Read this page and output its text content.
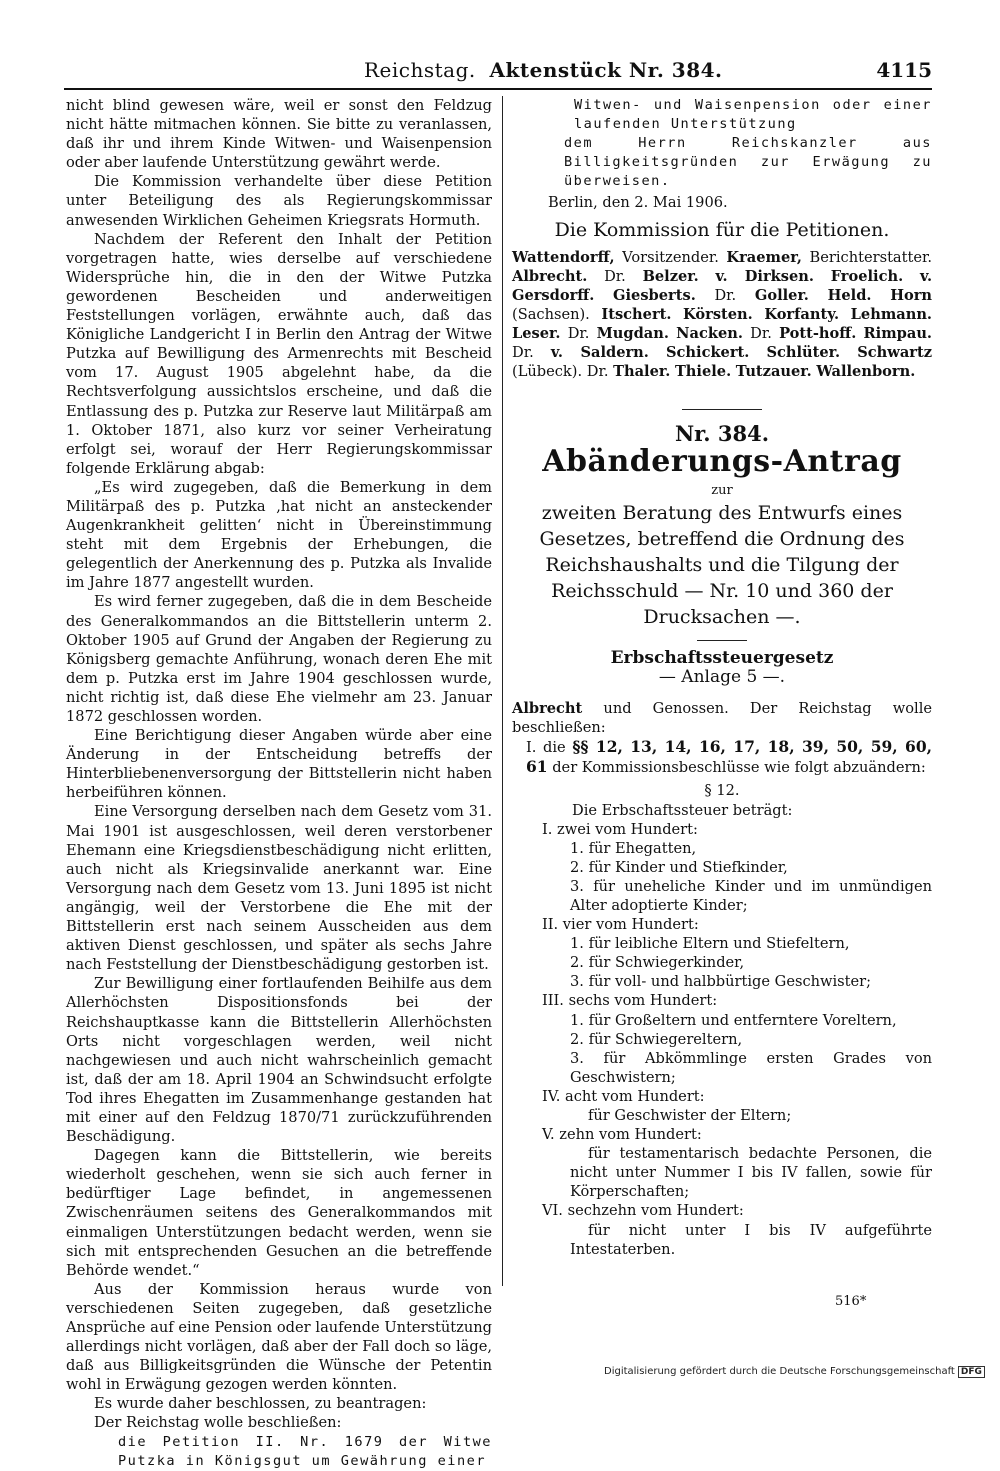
Reichstag. Aktenstück Nr. 384.	4115

nicht blind gewesen wäre, weil er sonst den Feldzug nicht hätte mitmachen können. Sie bitte zu veranlassen, daß ihr und ihrem Kinde Witwen- und Waisenpension oder aber laufende Unterstützung gewährt werde.

Die Kommission verhandelte über diese Petition unter Beteiligung des als Regierungskommissar anwesenden Wirklichen Geheimen Kriegsrats Hormuth.

Nachdem der Referent den Inhalt der Petition vorgetragen hatte, wies derselbe auf verschiedene Widersprüche hin, die in den der Witwe Putzka gewordenen Bescheiden und anderweitigen Feststellungen vorlägen, erwähnte auch, daß das Königliche Landgericht I in Berlin den Antrag der Witwe Putzka auf Bewilligung des Armenrechts mit Bescheid vom 17. August 1905 abgelehnt habe, da die Rechtsverfolgung aussichtslos erscheine, und daß die Entlassung des p. Putzka zur Reserve laut Militärpaß am 1. Oktober 1871, also kurz vor seiner Verheiratung erfolgt sei, worauf der Herr Regierungskommissar folgende Erklärung abgab:

„Es wird zugegeben, daß die Bemerkung in dem Militärpaß des p. Putzka ‚hat nicht an ansteckender Augenkrankheit gelitten‘ nicht in Übereinstimmung steht mit dem Ergebnis der Erhebungen, die gelegentlich der Anerkennung des p. Putzka als Invalide im Jahre 1877 angestellt wurden.

Es wird ferner zugegeben, daß die in dem Bescheide des Generalkommandos an die Bittstellerin unterm 2. Oktober 1905 auf Grund der Angaben der Regierung zu Königsberg gemachte Anführung, wonach deren Ehe mit dem p. Putzka erst im Jahre 1904 geschlossen wurde, nicht richtig ist, daß diese Ehe vielmehr am 23. Januar 1872 geschlossen worden.

Eine Berichtigung dieser Angaben würde aber eine Änderung in der Entscheidung betreffs der Hinterbliebenenversorgung der Bittstellerin nicht haben herbeiführen können.

Eine Versorgung derselben nach dem Gesetz vom 31. Mai 1901 ist ausgeschlossen, weil deren verstorbener Ehemann eine Kriegsdienstbeschädigung nicht erlitten, auch nicht als Kriegsinvalide anerkannt war. Eine Versorgung nach dem Gesetz vom 13. Juni 1895 ist nicht angängig, weil der Verstorbene die Ehe mit der Bittstellerin erst nach seinem Ausscheiden aus dem aktiven Dienst geschlossen, und später als sechs Jahre nach Feststellung der Dienstbeschädigung gestorben ist.

Zur Bewilligung einer fortlaufenden Beihilfe aus dem Allerhöchsten Dispositionsfonds bei der Reichshauptkasse kann die Bittstellerin Allerhöchsten Orts nicht vorgeschlagen werden, weil nicht nachgewiesen und auch nicht wahrscheinlich gemacht ist, daß der am 18. April 1904 an Schwindsucht erfolgte Tod ihres Ehegatten im Zusammenhange gestanden hat mit einer auf den Feldzug 1870/71 zurückzuführenden Beschädigung.

Dagegen kann die Bittstellerin, wie bereits wiederholt geschehen, wenn sie sich auch ferner in bedürftiger Lage befindet, in angemessenen Zwischenräumen seitens des Generalkommandos mit einmaligen Unterstützungen bedacht werden, wenn sie sich mit entsprechenden Gesuchen an die betreffende Behörde wendet.“

Aus der Kommission heraus wurde von verschiedenen Seiten zugegeben, daß gesetzliche Ansprüche auf eine Pension oder laufende Unterstützung allerdings nicht vorlägen, daß aber der Fall doch so läge, daß aus Billigkeitsgründen die Wünsche der Petentin wohl in Erwägung gezogen werden könnten.

Es wurde daher beschlossen, zu beantragen:

Der Reichstag wolle beschließen:

die Petition II. Nr. 1679 der Witwe Putzka in Königsgut um Gewährung einer

Witwen- und Waisenpension oder einer laufenden Unterstützung

dem Herrn Reichskanzler aus Billigkeitsgründen zur Erwägung zu überweisen.

Berlin, den 2. Mai 1906.

Die Kommission für die Petitionen.

Wattendorff, Vorsitzender. Kraemer, Berichterstatter. Albrecht. Dr. Belzer. v. Dirksen. Froelich. v. Gersdorff. Giesberts. Dr. Goller. Held. Horn (Sachsen). Itschert. Körsten. Korfanty. Lehmann. Leser. Dr. Mugdan. Nacken. Dr. Pott-hoff. Rimpau. Dr. v. Saldern. Schickert. Schlüter. Schwartz (Lübeck). Dr. Thaler. Thiele. Tutzauer. Wallenborn.

Nr. 384.

Abänderungs-Antrag

zur

zweiten Beratung des Entwurfs eines Gesetzes, betreffend die Ordnung des Reichshaushalts und die Tilgung der Reichsschuld — Nr. 10 und 360 der Drucksachen —.

Erbschaftssteuergesetz

— Anlage 5 —.

Albrecht und Genossen. Der Reichstag wolle beschließen:

I. die §§ 12, 13, 14, 16, 17, 18, 39, 50, 59, 60, 61 der Kommissionsbeschlüsse wie folgt abzuändern:

§ 12.

Die Erbschaftssteuer beträgt:

I. zwei vom Hundert:

1. für Ehegatten,

2. für Kinder und Stiefkinder,

3. für uneheliche Kinder und im unmündigen Alter adoptierte Kinder;

II. vier vom Hundert:

1. für leibliche Eltern und Stiefeltern,

2. für Schwiegerkinder,

3. für voll- und halbbürtige Geschwister;

III. sechs vom Hundert:

1. für Großeltern und entferntere Voreltern,

2. für Schwiegereltern,

3. für Abkömmlinge ersten Grades von Geschwistern;

IV. acht vom Hundert:

für Geschwister der Eltern;

V. zehn vom Hundert:

für testamentarisch bedachte Personen, die nicht unter Nummer I bis IV fallen, sowie für Körperschaften;

VI. sechzehn vom Hundert:

für nicht unter I bis IV aufgeführte Intestaterben.

516*
Digitalisierung gefördert durch die Deutsche Forschungsgemeinschaft DFG
